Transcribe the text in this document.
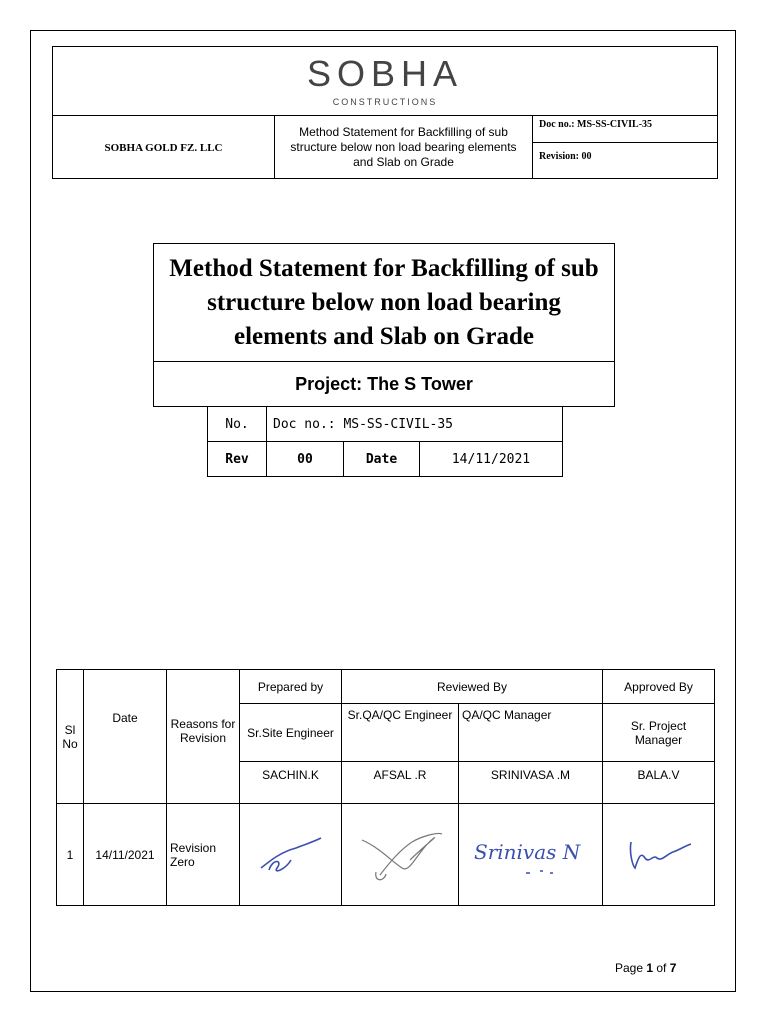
SOBHA
CONSTRUCTIONS
SOBHA GOLD FZ. LLC
Method Statement for Backfilling of sub structure below non load bearing elements and Slab on Grade
Doc no.: MS-SS-CIVIL-35
Revision: 00
Method Statement for Backfilling of sub structure below non load bearing elements and Slab on Grade
Project: The S Tower
No.	Doc no.: MS-SS-CIVIL-35		
Rev	00	Date	14/11/2021
Sl No	Date	Reasons for Revision	Prepared by	Reviewed By		Approved By
			Sr.Site Engineer	Sr.QA/QC Engineer	QA/QC Manager	Sr. Project Manager
			SACHIN.K	AFSAL .R	SRINIVASA .M	BALA.V
1	14/11/2021	Revision Zero			Srinivas N

Page 1 of 7
